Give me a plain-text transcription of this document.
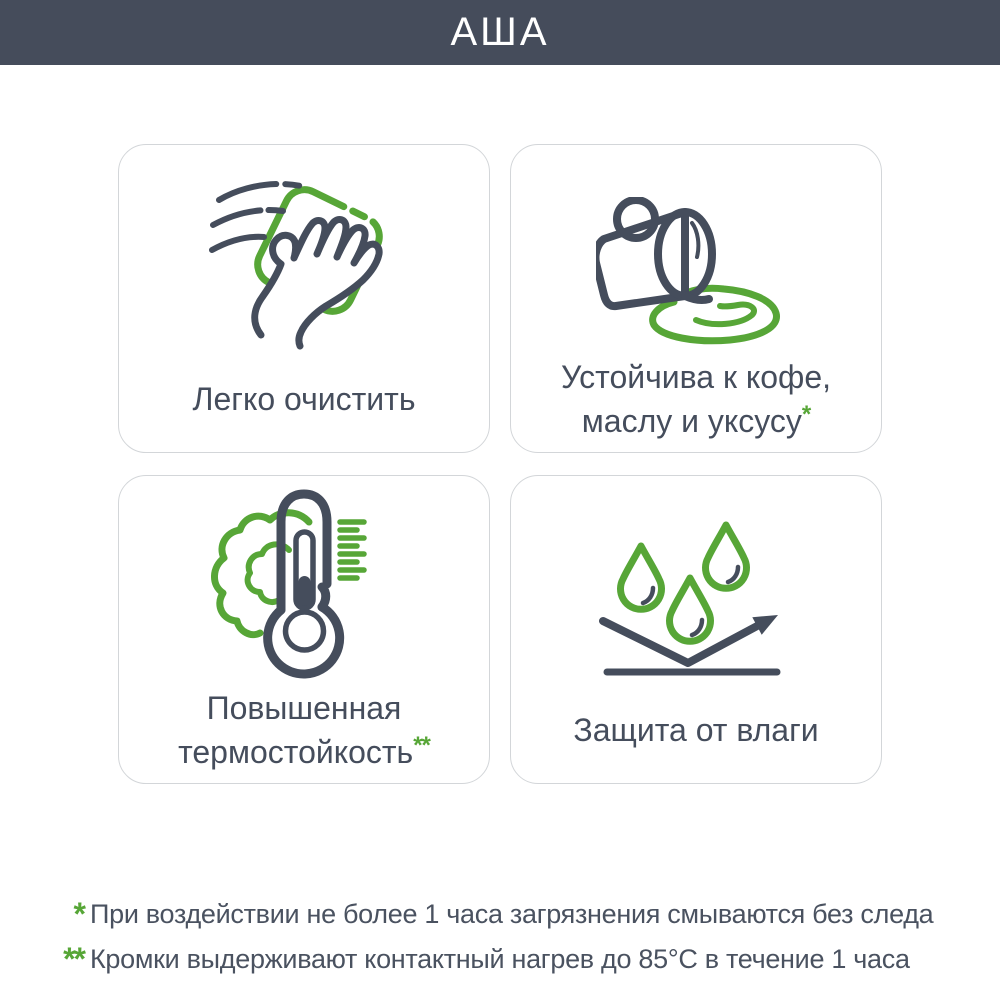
АША
Легко очистить
Устойчива к кофе,
маслу и уксусу*
Повышенная
термостойкость**	Защита от влаги
* При воздействии не более 1 часа загрязнения смываются без следа
** Кромки выдерживают контактный нагрев до 85°С в течение 1 часа
